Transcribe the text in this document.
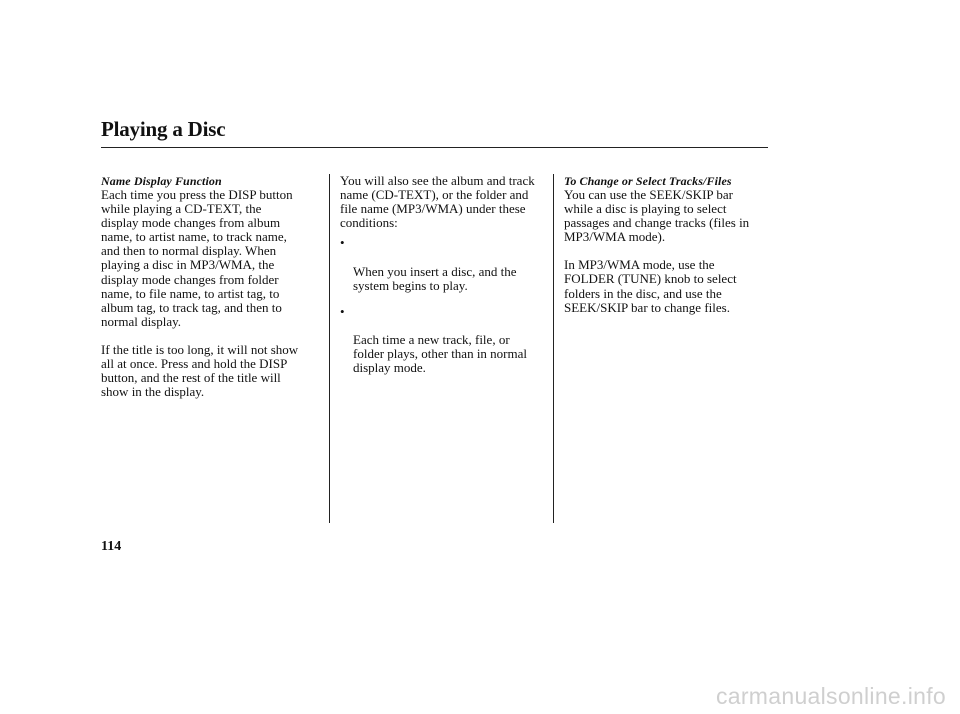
Playing a Disc
Name Display Function	To Change or Select Tracks/Files

Each time you press the DISP button
while playing a CD-TEXT, the
display mode changes from album
name, to artist name, to track name,
and then to normal display. When
playing a disc in MP3/WMA, the
display mode changes from folder
name, to file name, to artist tag, to
album tag, to track tag, and then to
normal display.

If the title is too long, it will not show
all at once. Press and hold the DISP
button, and the rest of the title will
show in the display.

You will also see the album and track
name (CD-TEXT), or the folder and
file name (MP3/WMA) under these
conditions:

•

When you insert a disc, and the
system begins to play.

•

Each time a new track, file, or
folder plays, other than in normal
display mode.

You can use the SEEK/SKIP bar
while a disc is playing to select
passages and change tracks (files in
MP3/WMA mode).

In MP3/WMA mode, use the
FOLDER (TUNE) knob to select
folders in the disc, and use the
SEEK/SKIP bar to change files.

114
carmanualsonline.info
